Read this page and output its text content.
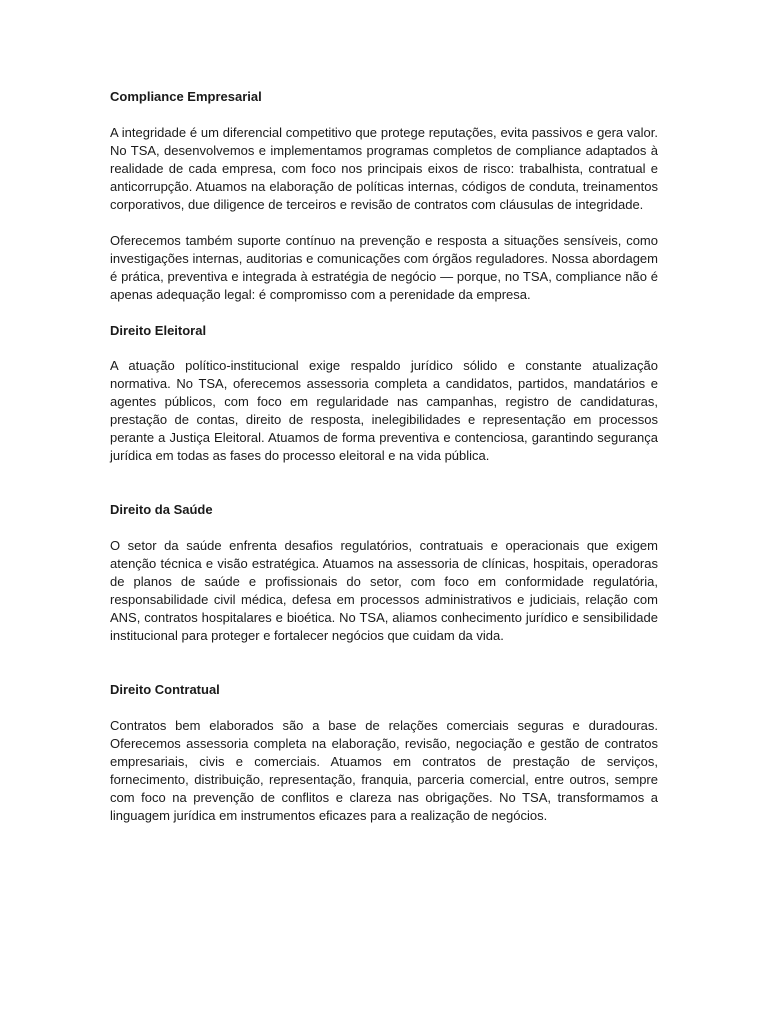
Compliance Empresarial

A integridade é um diferencial competitivo que protege reputações, evita passivos e gera valor. No TSA, desenvolvemos e implementamos programas completos de compliance adaptados à realidade de cada empresa, com foco nos principais eixos de risco: trabalhista, contratual e anticorrupção. Atuamos na elaboração de políticas internas, códigos de conduta, treinamentos corporativos, due diligence de terceiros e revisão de contratos com cláusulas de integridade.

Oferecemos também suporte contínuo na prevenção e resposta a situações sensíveis, como investigações internas, auditorias e comunicações com órgãos reguladores. Nossa abordagem é prática, preventiva e integrada à estratégia de negócio — porque, no TSA, compliance não é apenas adequação legal: é compromisso com a perenidade da empresa.

Direito Eleitoral

A atuação político-institucional exige respaldo jurídico sólido e constante atualização normativa. No TSA, oferecemos assessoria completa a candidatos, partidos, mandatários e agentes públicos, com foco em regularidade nas campanhas, registro de candidaturas, prestação de contas, direito de resposta, inelegibilidades e representação em processos perante a Justiça Eleitoral. Atuamos de forma preventiva e contenciosa, garantindo segurança jurídica em todas as fases do processo eleitoral e na vida pública.

Direito da Saúde

O setor da saúde enfrenta desafios regulatórios, contratuais e operacionais que exigem atenção técnica e visão estratégica. Atuamos na assessoria de clínicas, hospitais, operadoras de planos de saúde e profissionais do setor, com foco em conformidade regulatória, responsabilidade civil médica, defesa em processos administrativos e judiciais, relação com ANS, contratos hospitalares e bioética. No TSA, aliamos conhecimento jurídico e sensibilidade institucional para proteger e fortalecer negócios que cuidam da vida.

Direito Contratual

Contratos bem elaborados são a base de relações comerciais seguras e duradouras. Oferecemos assessoria completa na elaboração, revisão, negociação e gestão de contratos empresariais, civis e comerciais. Atuamos em contratos de prestação de serviços, fornecimento, distribuição, representação, franquia, parceria comercial, entre outros, sempre com foco na prevenção de conflitos e clareza nas obrigações. No TSA, transformamos a linguagem jurídica em instrumentos eficazes para a realização de negócios.
